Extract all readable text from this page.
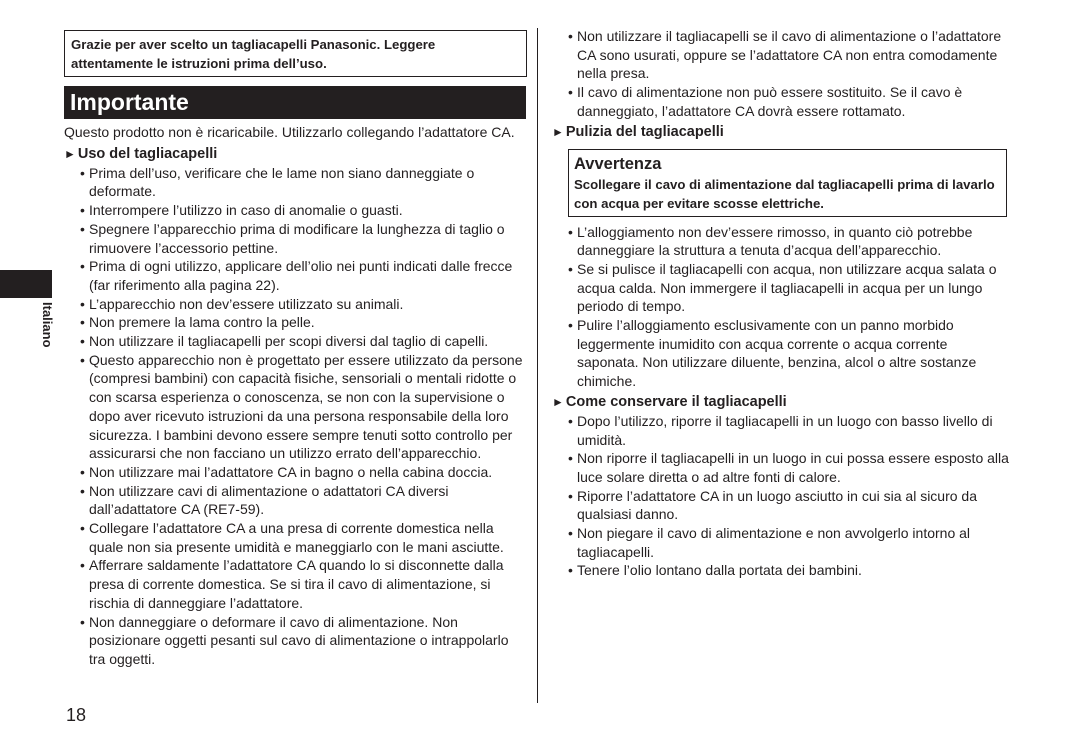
Grazie per aver scelto un tagliacapelli Panasonic. Leggere attentamente le istruzioni prima dell’uso.
Importante

Questo prodotto non è ricaricabile. Utilizzarlo collegando l’adattatore CA.

► Uso del tagliacapelli

• Prima dell’uso, verificare che le lame non siano danneggiate o deformate.
• Interrompere l’utilizzo in caso di anomalie o guasti.
• Spegnere l’apparecchio prima di modificare la lunghezza di taglio o rimuovere l’accessorio pettine.
• Prima di ogni utilizzo, applicare dell’olio nei punti indicati dalle frecce (far riferimento alla pagina 22).
• L’apparecchio non dev’essere utilizzato su animali.
• Non premere la lama contro la pelle.
• Non utilizzare il tagliacapelli per scopi diversi dal taglio di capelli.
• Questo apparecchio non è progettato per essere utilizzato da persone (compresi bambini) con capacità fisiche, sensoriali o mentali ridotte o con scarsa esperienza o conoscenza, se non con la supervisione o dopo aver ricevuto istruzioni da una persona responsabile della loro sicurezza. I bambini devono essere sempre tenuti sotto controllo per assicurarsi che non facciano un utilizzo errato dell’apparecchio.
• Non utilizzare mai l’adattatore CA in bagno o nella cabina doccia.
• Non utilizzare cavi di alimentazione o adattatori CA diversi dall’adattatore CA (RE7-59).
• Collegare l’adattatore CA a una presa di corrente domestica nella quale non sia presente umidità e maneggiarlo con le mani asciutte.
• Afferrare saldamente l’adattatore CA quando lo si disconnette dalla presa di corrente domestica. Se si tira il cavo di alimentazione, si rischia di danneggiare l’adattatore.
• Non danneggiare o deformare il cavo di alimentazione. Non posizionare oggetti pesanti sul cavo di alimentazione o intrappolarlo tra oggetti.
• Non utilizzare il tagliacapelli se il cavo di alimentazione o l’adattatore CA sono usurati, oppure se l’adattatore CA non entra comodamente nella presa.
• Il cavo di alimentazione non può essere sostituito. Se il cavo è danneggiato, l’adattatore CA dovrà essere rottamato.

► Pulizia del tagliacapelli

Avvertenza
Scollegare il cavo di alimentazione dal tagliacapelli prima di lavarlo con acqua per evitare scosse elettriche.
• L’alloggiamento non dev’essere rimosso, in quanto ciò potrebbe danneggiare la struttura a tenuta d’acqua dell’apparecchio.
• Se si pulisce il tagliacapelli con acqua, non utilizzare acqua salata o acqua calda. Non immergere il tagliacapelli in acqua per un lungo periodo di tempo.
• Pulire l’alloggiamento esclusivamente con un panno morbido leggermente inumidito con acqua corrente o acqua corrente saponata. Non utilizzare diluente, benzina, alcol o altre sostanze chimiche.

► Come conservare il tagliacapelli

• Dopo l’utilizzo, riporre il tagliacapelli in un luogo con basso livello di umidità.
• Non riporre il tagliacapelli in un luogo in cui possa essere esposto alla luce solare diretta o ad altre fonti di calore.
• Riporre l’adattatore CA in un luogo asciutto in cui sia al sicuro da qualsiasi danno.
• Non piegare il cavo di alimentazione e non avvolgerlo intorno al tagliacapelli.
• Tenere l’olio lontano dalla portata dei bambini.
Italiano
18
